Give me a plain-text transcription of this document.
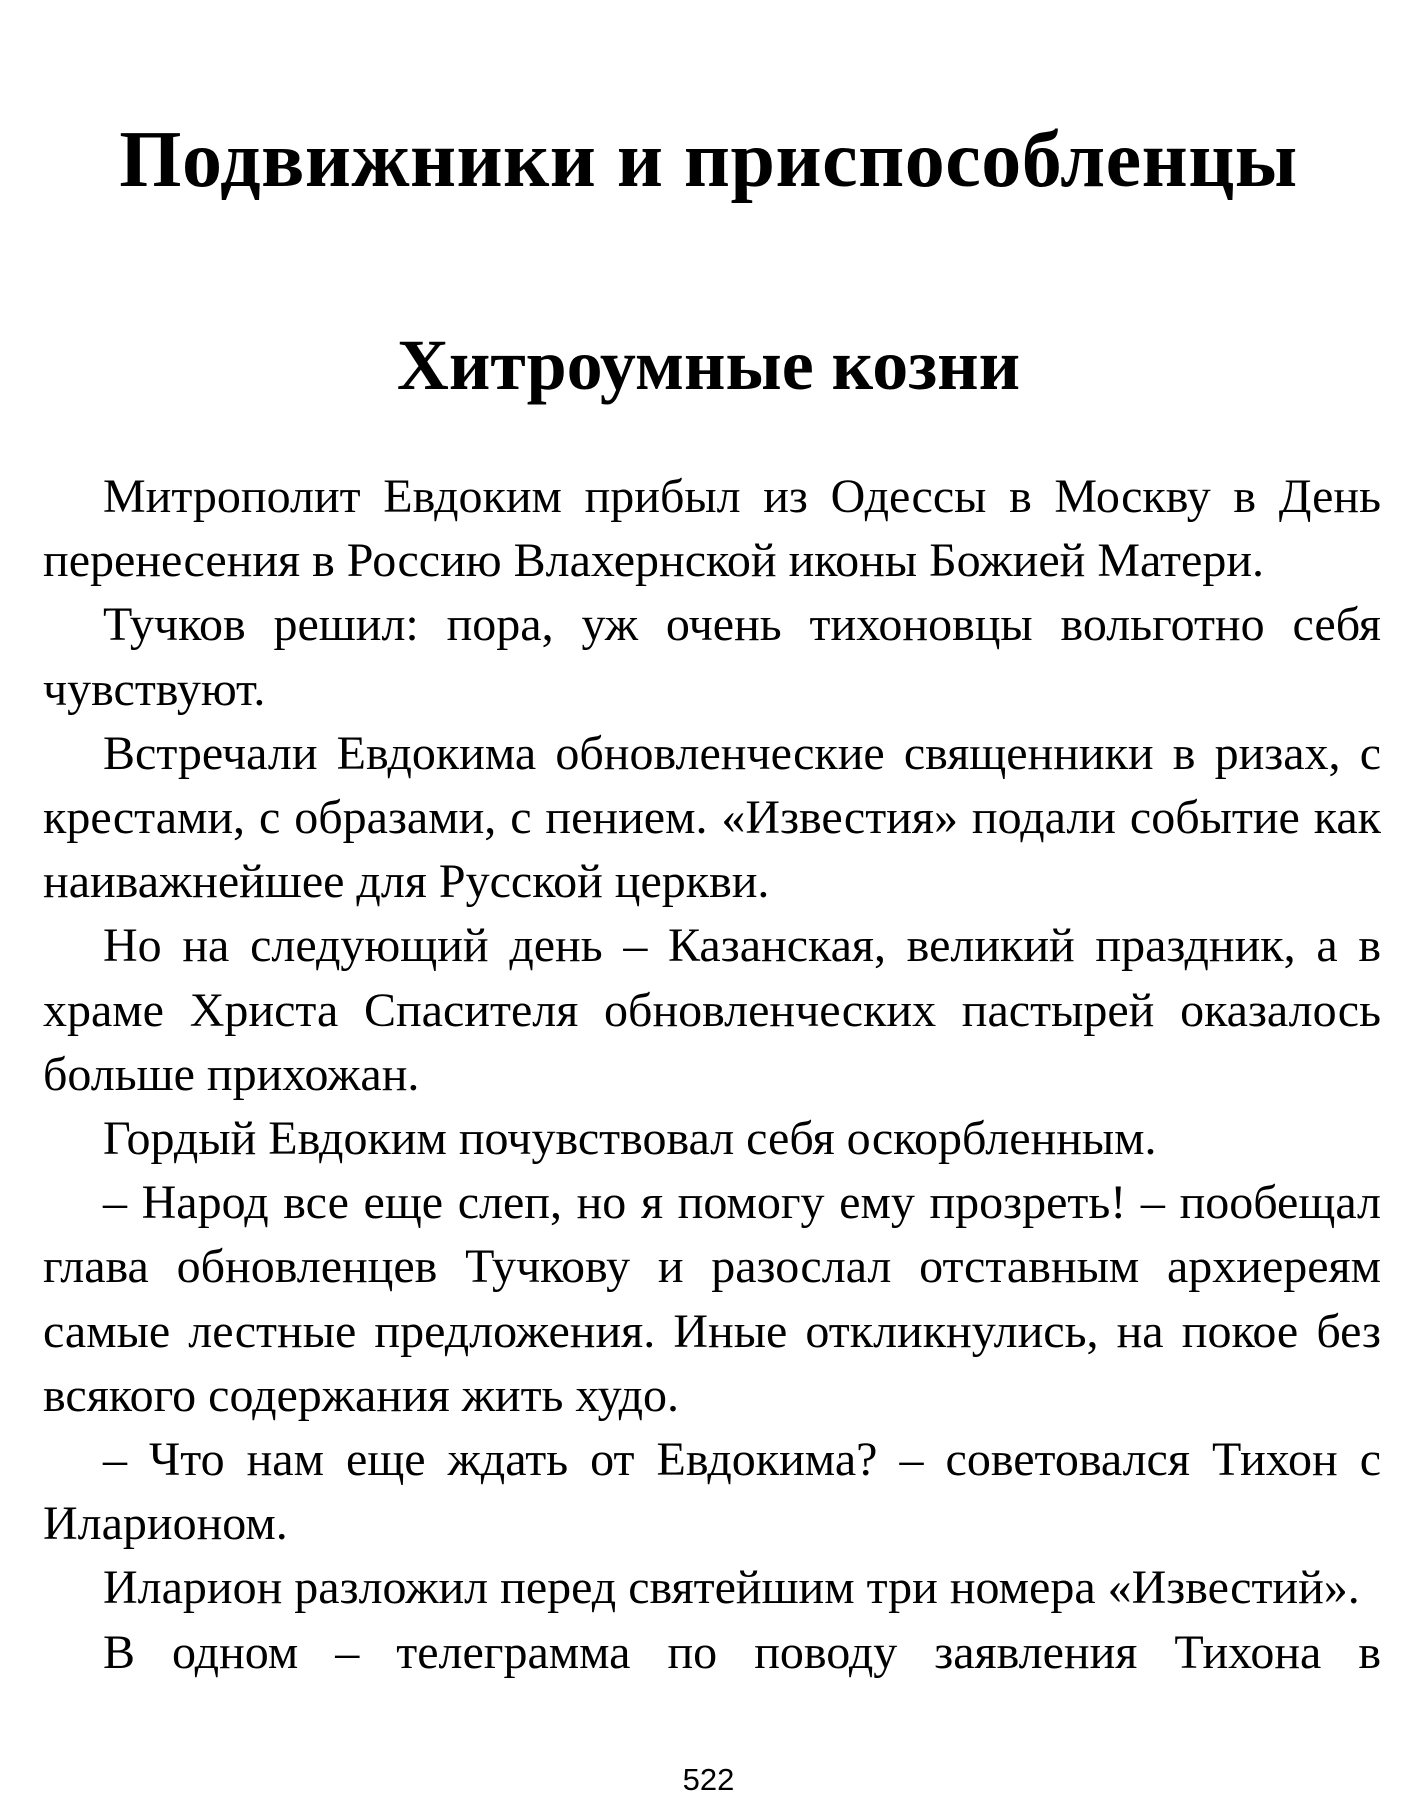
Подвижники и приспособленцы
Хитроумные козни

Митрополит Евдоким прибыл из Одессы в Москву в День перенесения в Россию Влахернской иконы Божией Матери.

Тучков решил: пора, уж очень тихоновцы вольготно себя чувствуют.

Встречали Евдокима обновленческие священники в ризах, с крестами, с образами, с пением. «Известия» подали событие как наиважнейшее для Русской церкви.

Но на следующий день – Казанская, великий праздник, а в храме Христа Спасителя обновленческих пастырей оказалось больше прихожан.

Гордый Евдоким почувствовал себя оскорбленным.

– Народ все еще слеп, но я помогу ему прозреть! – пообещал глава обновленцев Тучкову и разослал отставным архиереям самые лестные предложения. Иные откликнулись, на покое без всякого содержания жить худо.

– Что нам еще ждать от Евдокима? – советовался Тихон с Иларионом.

Иларион разложил перед святейшим три номера «Известий».

В одном – телеграмма по поводу заявления Тихона в

522
